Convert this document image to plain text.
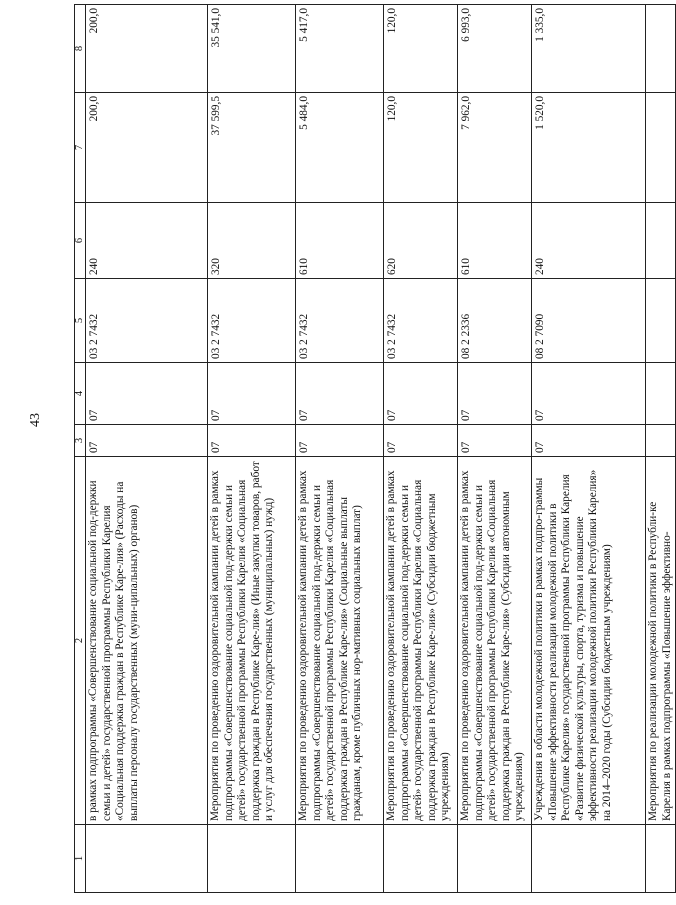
43
1	2	3	4	5	6	7	8
	в рамках подпрограммы «Совершенствование социальной под-держки семьи и детей» государственной программы Республики Карелия «Социальная поддержка граждан в Республике Каре-лия» (Расходы на выплаты персоналу государственных (муни-ципальных) органов)	07	07	03 2 7432	240	200,0	200,0
	Мероприятия по проведению оздоровительной кампании детей в рамках подпрограммы «Совершенствование социальной под-держки семьи и детей» государственной программы Республики Карелия «Социальная поддержка граждан в Республике Каре-лия» (Иные закупки товаров, работ и услуг для обеспечения государственных (муниципальных) нужд)	07	07	03 2 7432	320	37 599,5	35 541,0
	Мероприятия по проведению оздоровительной кампании детей в рамках подпрограммы «Совершенствование социальной под-держки семьи и детей» государственной программы Республики Карелия «Социальная поддержка граждан в Республике Каре-лия» (Социальные выплаты гражданам, кроме публичных нор-мативных социальных выплат)	07	07	03 2 7432	610	5 484,0	5 417,0
	Мероприятия по проведению оздоровительной кампании детей в рамках подпрограммы «Совершенствование социальной под-держки семьи и детей» государственной программы Республики Карелия «Социальная поддержка граждан в Республике Каре-лия» (Субсидии бюджетным учреждениям)	07	07	03 2 7432	620	120,0	120,0
	Мероприятия по проведению оздоровительной кампании детей в рамках подпрограммы «Совершенствование социальной под-держки семьи и детей» государственной программы Республики Карелия «Социальная поддержка граждан в Республике Каре-лия» (Субсидии автономным учреждениям)	07	07	08 2 2336	610	7 962,0	6 993,0
	Учреждения в области молодежной политики в рамках подпро-граммы «Повышение эффективности реализации молодежной политики в Республике Карелия» государственной программы Республики Карелия «Развитие физической культуры, спорта, туризма и повышение эффективности реализации молодежной политики Республики Карелия» на 2014–2020 годы (Субсидии бюджетным учреждениям)	07	07	08 2 7090	240	1 520,0	1 335,0
	Мероприятия по реализации молодежной политики в Республи-ке Карелия в рамках подпрограммы «Повышение эффективно-						
